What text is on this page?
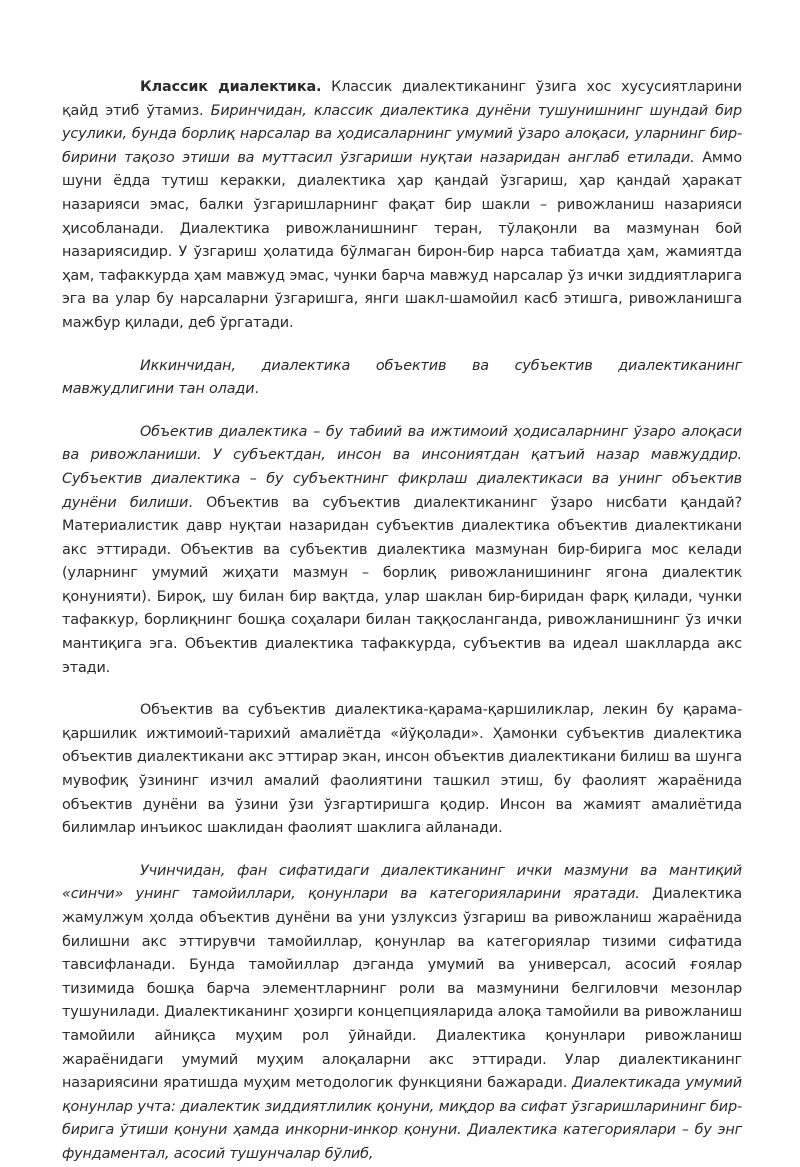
Классик диалектика. Классик диалектиканинг ўзига хос хусусиятларини қайд этиб ўтамиз. Биринчидан, классик диалектика дунёни тушунишнинг шундай бир усулики, бунда борлиқ нарсалар ва ҳодисаларнинг умумий ўзаро алоқаси, уларнинг бир-бирини тақозо этиши ва муттасил ўзгариши нуқтаи назаридан англаб етилади. Аммо шуни ёдда тутиш керакки, диалектика ҳар қандай ўзгариш, ҳар қандай ҳаракат назарияси эмас, балки ўзгаришларнинг фақат бир шакли – ривожланиш назарияси ҳисобланади. Диалектика ривожланишнинг теран, тўлақонли ва мазмунан бой назариясидир. У ўзгариш ҳолатида бўлмаган бирон-бир нарса табиатда ҳам, жамиятда ҳам, тафаккурда ҳам мавжуд эмас, чунки барча мавжуд нарсалар ўз ички зиддиятларига эга ва улар бу нарсаларни ўзгаришга, янги шакл-шамойил касб этишга, ривожланишга мажбур қилади, деб ўргатади.

Иккинчидан, диалектика объектив ва субъектив диалектиканинг мавжудлигини тан олади.

Объектив диалектика – бу табиий ва ижтимоий ҳодисаларнинг ўзаро алоқаси ва ривожланиши. У субъектдан, инсон ва инсониятдан қатъий назар мавжуддир. Субъектив диалектика – бу субъектнинг фикрлаш диалектикаси ва унинг объектив дунёни билиши. Объектив ва субъектив диалектиканинг ўзаро нисбати қандай? Материалистик давр нуқтаи назаридан субъектив диалектика объектив диалектикани акс эттиради. Объектив ва субъектив диалектика мазмунан бир-бирига мос келади (уларнинг умумий жиҳати мазмун – борлиқ ривожланишининг ягона диалектик қонунияти). Бироқ, шу билан бир вақтда, улар шаклан бир-биридан фарқ қилади, чунки тафаккур, борлиқнинг бошқа соҳалари билан таққосланганда, ривожланишнинг ўз ички мантиқига эга. Объектив диалектика тафаккурда, субъектив ва идеал шаклларда акс этади.

Объектив ва субъектив диалектика-қарама-қаршиликлар, лекин бу қарама-қаршилик ижтимоий-тарихий амалиётда «йўқолади». Ҳамонки субъектив диалектика объектив диалектикани акс эттирар экан, инсон объектив диалектикани билиш ва шунга мувофиқ ўзининг изчил амалий фаолиятини ташкил этиш, бу фаолият жараёнида объектив дунёни ва ўзини ўзи ўзгартиришга қодир. Инсон ва жамият амалиётида билимлар инъикос шаклидан фаолият шаклига айланади.

Учинчидан, фан сифатидаги диалектиканинг ички мазмуни ва мантиқий «синчи» унинг тамойиллари, қонунлари ва категорияларини яратади. Диалектика жамулжум ҳолда объектив дунёни ва уни узлуксиз ўзгариш ва ривожланиш жараёнида билишни акс эттирувчи тамойиллар, қонунлар ва категориялар тизими сифатида тавсифланади. Бунда тамойиллар дэганда умумий ва универсал, асосий ғоялар тизимида бошқа барча элементларнинг роли ва мазмунини белгиловчи мезонлар тушунилади. Диалектиканинг ҳозирги концепцияларида алоқа тамойили ва ривожланиш тамойили айниқса муҳим рол ўйнайди. Диалектика қонунлари ривожланиш жараёнидаги умумий муҳим алоқаларни акс эттиради. Улар диалектиканинг назариясини яратишда муҳим методологик функцияни бажаради. Диалектикада умумий қонунлар учта: диалектик зиддиятлилик қонуни, миқдор ва сифат ўзгаришларининг бир-бирига ўтиши қонуни ҳамда инкорни-инкор қонуни. Диалектика категориялари – бу энг фундаментал, асосий тушунчалар бўлиб,
